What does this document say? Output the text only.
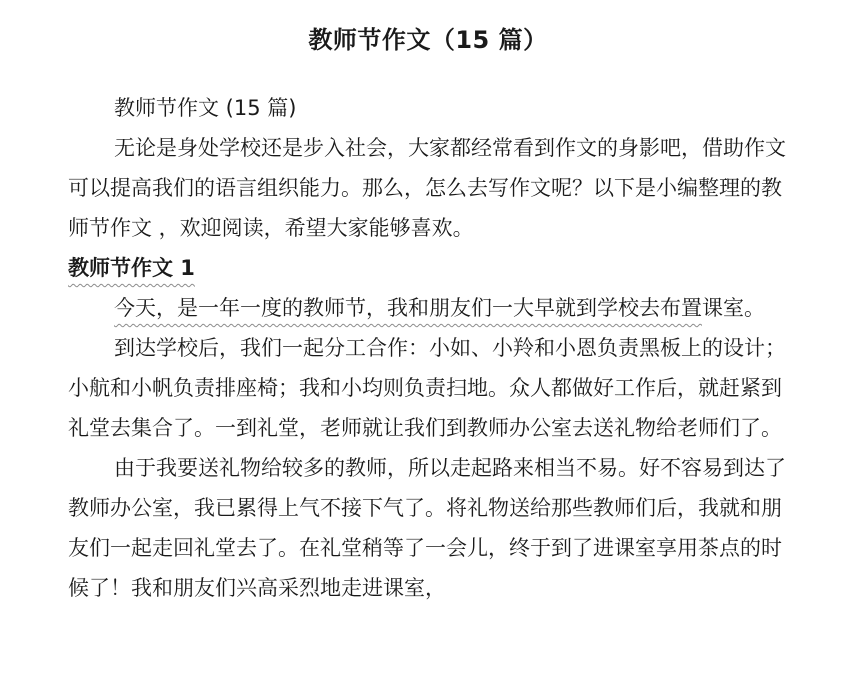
教师节作文（15 篇）

教师节作文 (15 篇)

无论是身处学校还是步入社会，大家都经常看到作文的身影吧，借助作文可以提高我们的语言组织能力。那么，怎么去写作文呢？以下是小编整理的教师节作文 ，欢迎阅读，希望大家能够喜欢。

教师节作文 1

今天，是一年一度的教师节，我和朋友们一大早就到学校去布置课室。

到达学校后，我们一起分工合作：小如、小羚和小恩负责黑板上的设计；小航和小帆负责排座椅；我和小均则负责扫地。众人都做好工作后，就赶紧到礼堂去集合了。一到礼堂，老师就让我们到教师办公室去送礼物给老师们了。

由于我要送礼物给较多的教师，所以走起路来相当不易。好不容易到达了教师办公室，我已累得上气不接下气了。将礼物送给那些教师们后，我就和朋友们一起走回礼堂去了。在礼堂稍等了一会儿，终于到了进课室享用茶点的时候了！我和朋友们兴高采烈地走进课室，
